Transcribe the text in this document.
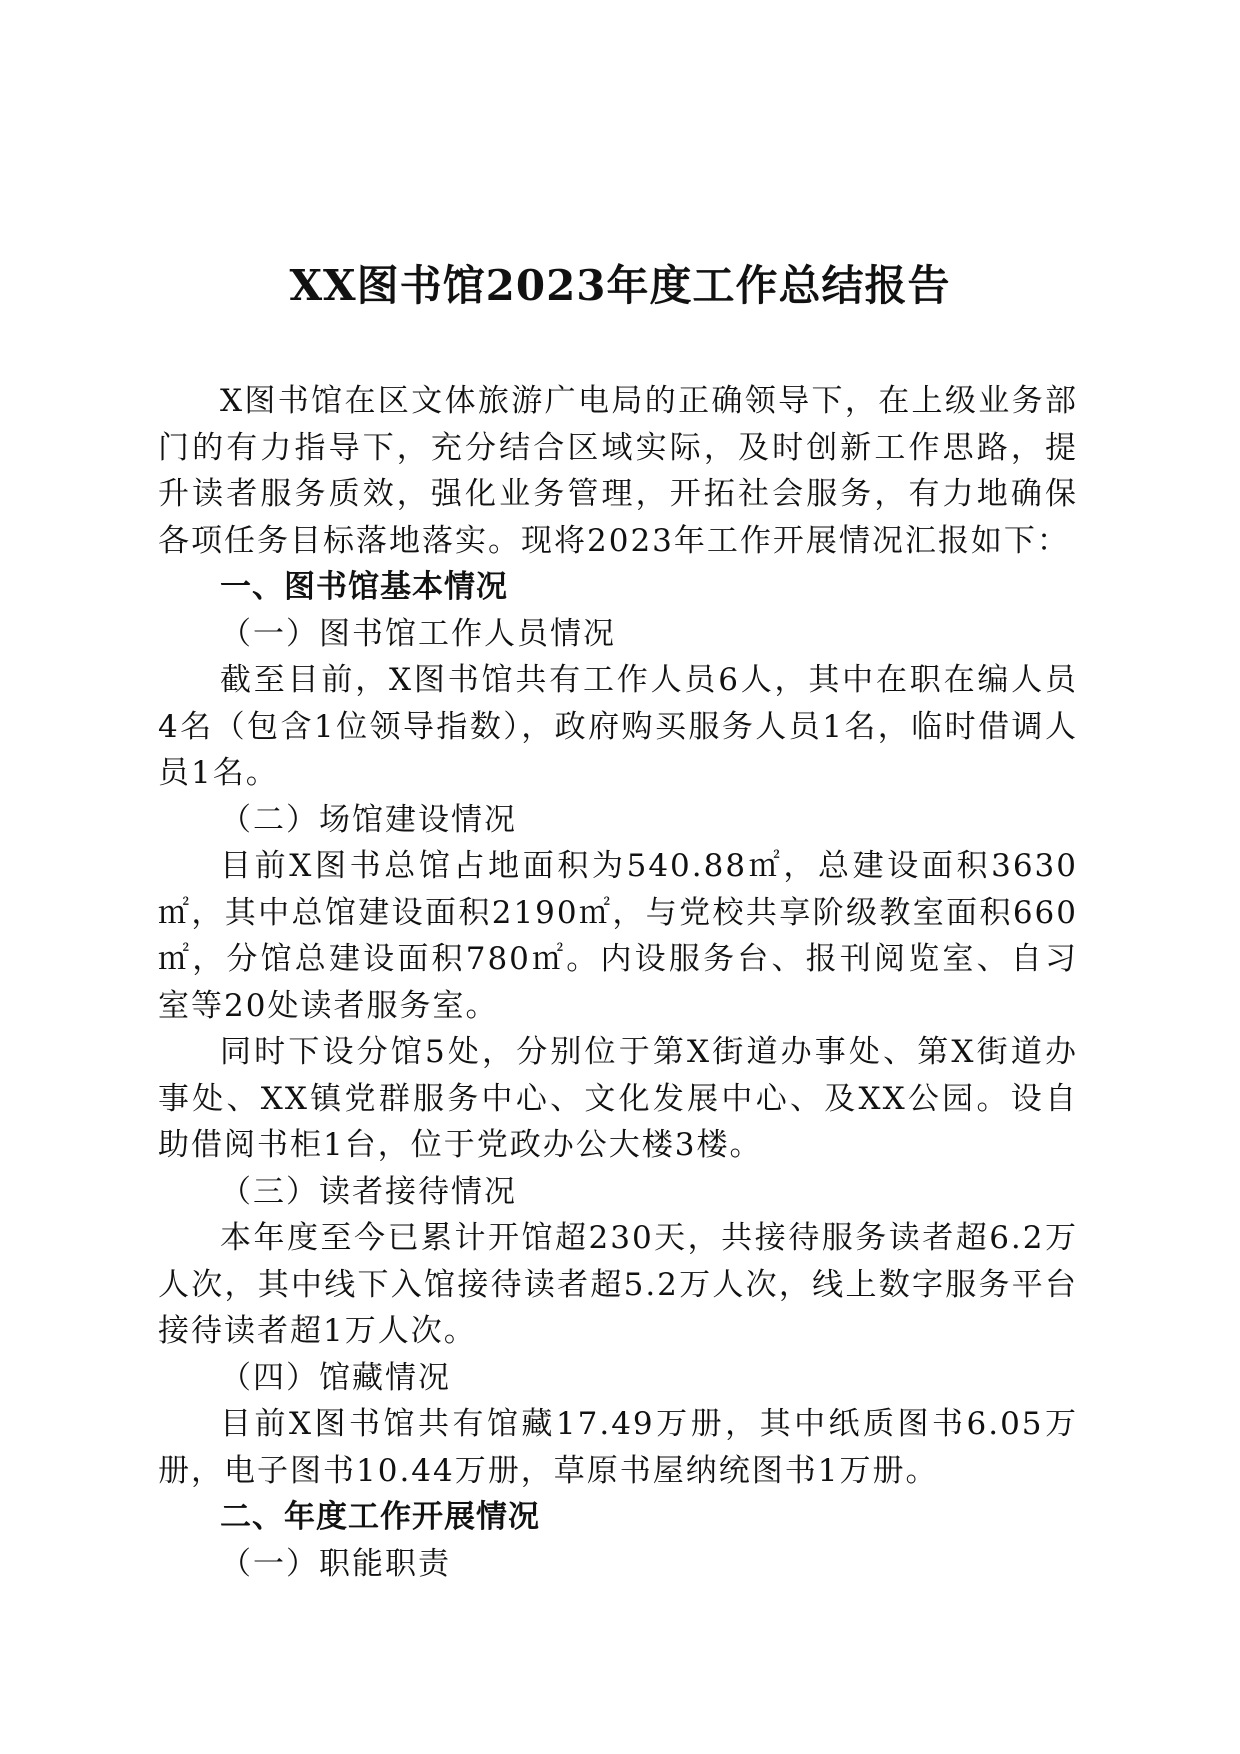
XX图书馆2023年度工作总结报告

X图书馆在区文体旅游广电局的正确领导下，在上级业务部门的有力指导下，充分结合区域实际，及时创新工作思路，提升读者服务质效，强化业务管理，开拓社会服务，有力地确保各项任务目标落地落实。现将2023年工作开展情况汇报如下：

一、图书馆基本情况

（一）图书馆工作人员情况

截至目前，X图书馆共有工作人员6人，其中在职在编人员4名（包含1位领导指数），政府购买服务人员1名，临时借调人员1名。

（二）场馆建设情况

目前X图书总馆占地面积为540.88㎡，总建设面积3630㎡，其中总馆建设面积2190㎡，与党校共享阶级教室面积660㎡，分馆总建设面积780㎡。内设服务台、报刊阅览室、自习室等20处读者服务室。

同时下设分馆5处，分别位于第X街道办事处、第X街道办事处、XX镇党群服务中心、文化发展中心、及XX公园。设自助借阅书柜1台，位于党政办公大楼3楼。

（三）读者接待情况

本年度至今已累计开馆超230天，共接待服务读者超6.2万人次，其中线下入馆接待读者超5.2万人次，线上数字服务平台接待读者超1万人次。

（四）馆藏情况

目前X图书馆共有馆藏17.49万册，其中纸质图书6.05万册，电子图书10.44万册，草原书屋纳统图书1万册。

二、年度工作开展情况

（一）职能职责
